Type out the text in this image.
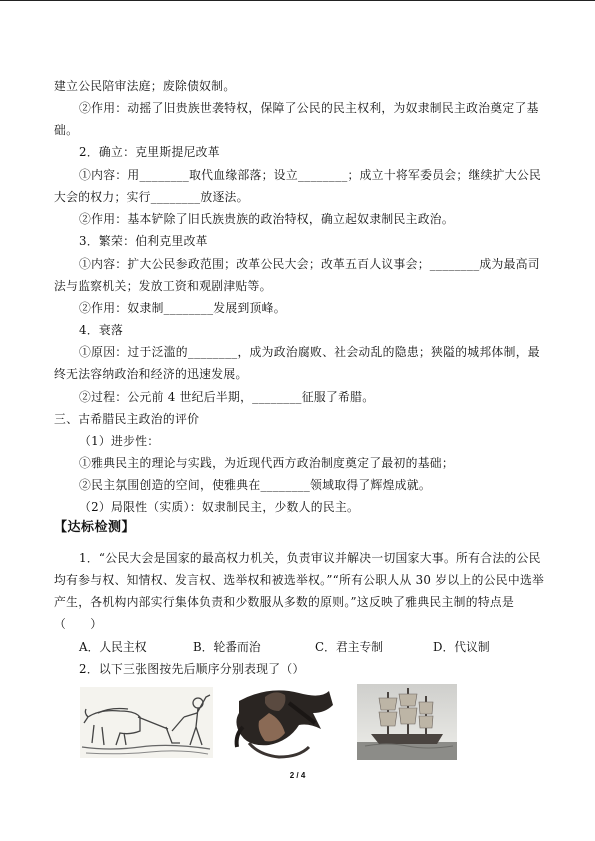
建立公民陪审法庭；废除债奴制。
②作用：动摇了旧贵族世袭特权，保障了公民的民主权利，为奴隶制民主政治奠定了基
础。
2．确立：克里斯提尼改革
①内容：用________取代血缘部落；设立________；成立十将军委员会；继续扩大公民
大会的权力；实行________放逐法。
②作用：基本铲除了旧氏族贵族的政治特权，确立起奴隶制民主政治。
3．繁荣：伯利克里改革
①内容：扩大公民参政范围；改革公民大会；改革五百人议事会；________成为最高司
法与监察机关；发放工资和观剧津贴等。
②作用：奴隶制________发展到顶峰。
4．衰落
①原因：过于泛滥的________，成为政治腐败、社会动乱的隐患；狭隘的城邦体制，最
终无法容纳政治和经济的迅速发展。
②过程：公元前 4 世纪后半期，________征服了希腊。
三、古希腊民主政治的评价
（1）进步性：
①雅典民主的理论与实践，为近现代西方政治制度奠定了最初的基础；
②民主氛围创造的空间，使雅典在________领域取得了辉煌成就。
（2）局限性（实质）：奴隶制民主，少数人的民主。
【达标检测】
1．“公民大会是国家的最高权力机关，负责审议并解决一切国家大事。所有合法的公民
均有参与权、知情权、发言权、选举权和被选举权。”“所有公职人从 30 岁以上的公民中选举
产生，各机构内部实行集体负责和少数服从多数的原则。”这反映了雅典民主制的特点是
（　　）
A．人民主权	B．轮番而治	C．君主专制	D．代议制
2．以下三张图按先后顺序分别表现了（）
2 / 4
